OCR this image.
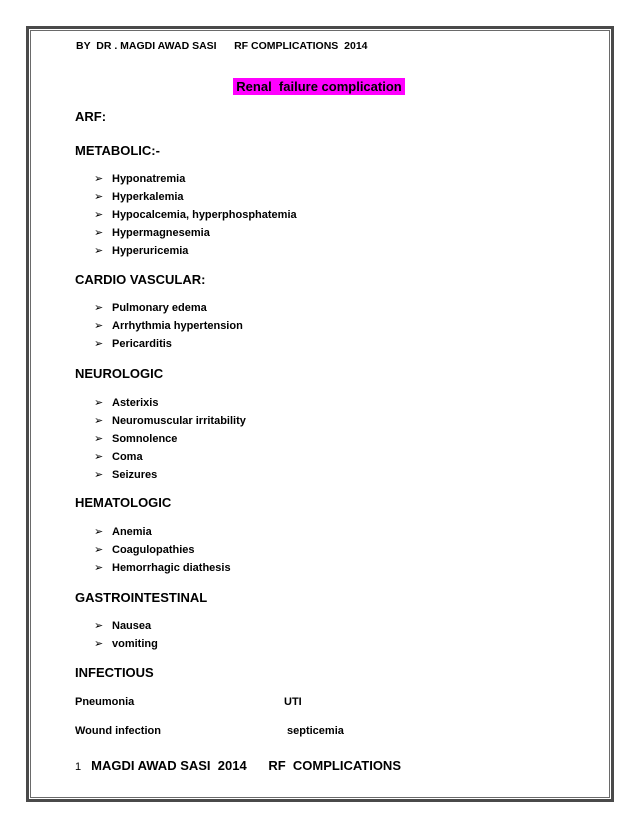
BY  DR . MAGDI AWAD SASI      RF COMPLICATIONS  2014
Renal  failure complication
ARF:
METABOLIC:-
➢ Hyponatremia
➢ Hyperkalemia
➢ Hypocalcemia, hyperphosphatemia
➢ Hypermagnesemia
➢ Hyperuricemia
CARDIO VASCULAR:
➢ Pulmonary edema
➢ Arrhythmia hypertension
➢ Pericarditis
NEUROLOGIC
➢ Asterixis
➢ Neuromuscular irritability
➢ Somnolence
➢ Coma
➢ Seizures
HEMATOLOGIC
➢ Anemia
➢ Coagulopathies
➢ Hemorrhagic diathesis
GASTROINTESTINAL
➢ Nausea
➢ vomiting
INFECTIOUS
Pneumonia	UTI
Wound infection	septicemia
1 MAGDI AWAD SASI  2014      RF  COMPLICATIONS
